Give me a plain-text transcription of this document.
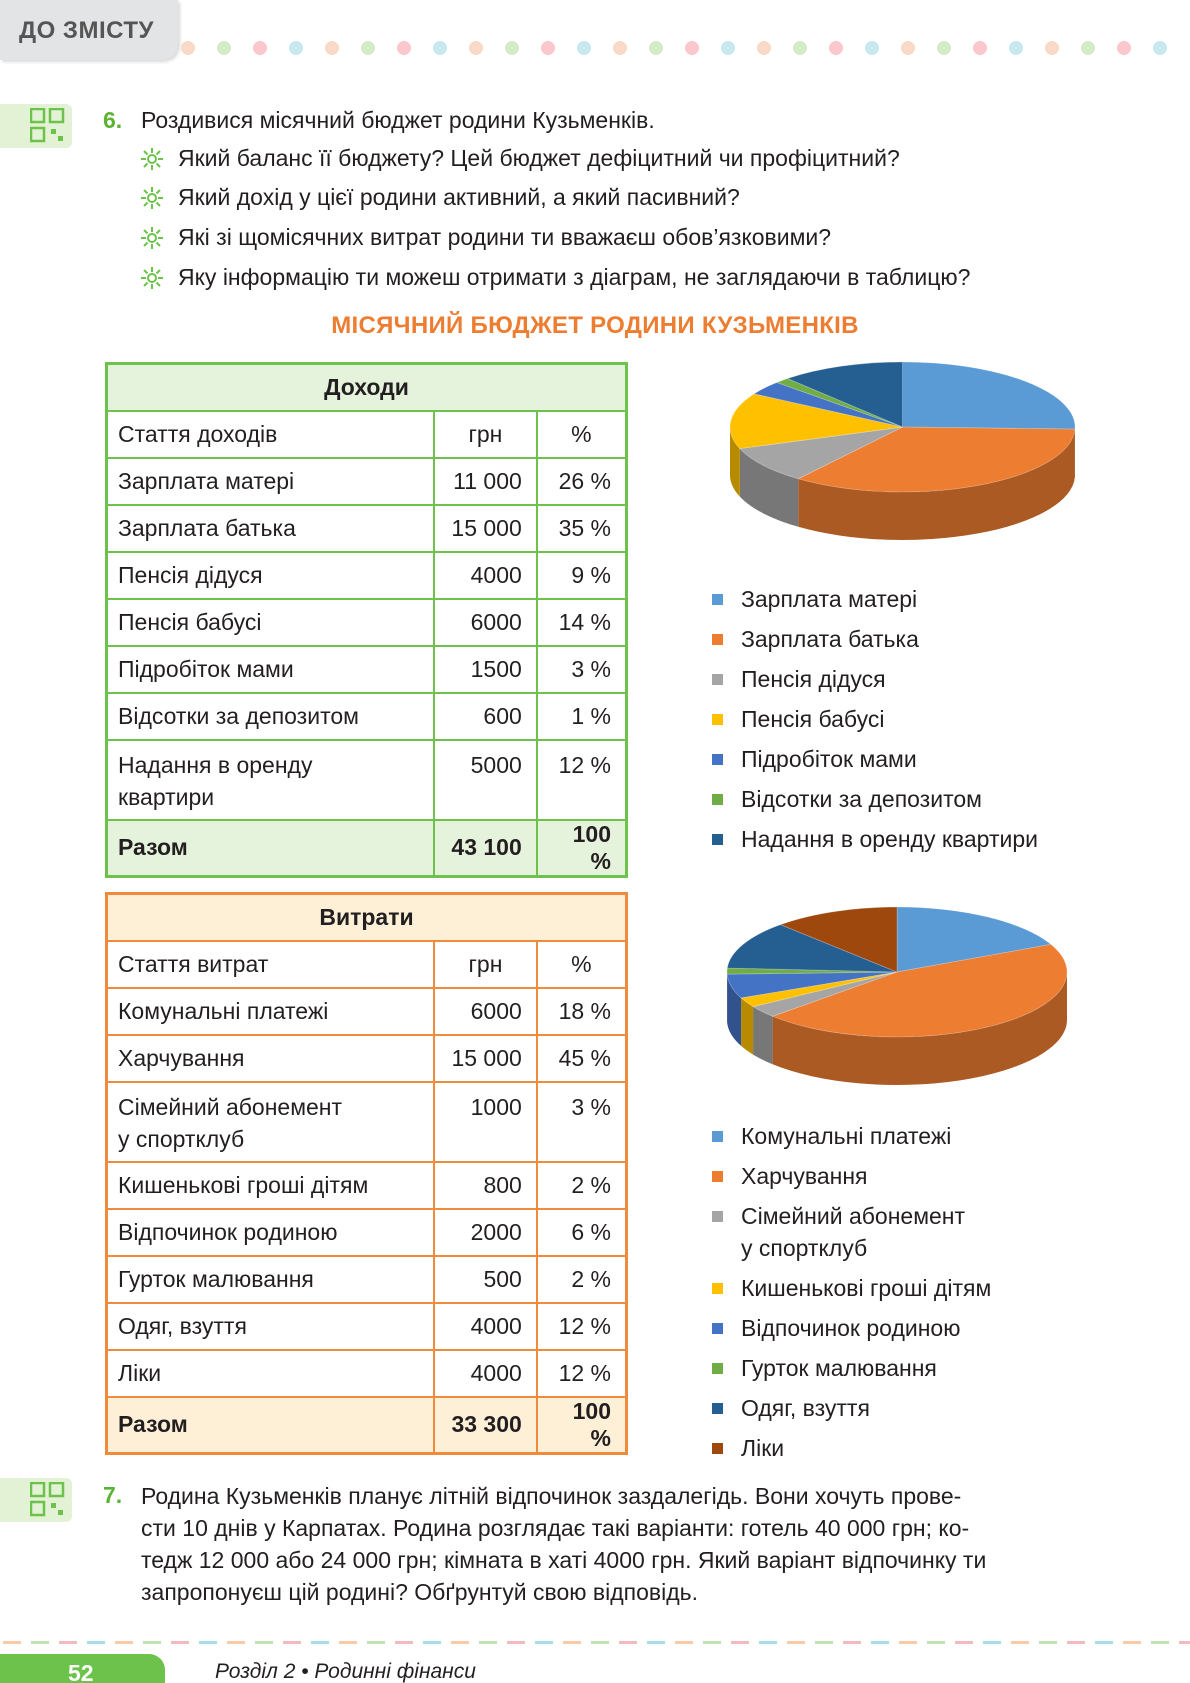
ДО ЗМІСТУ
6. Роздивися місячний бюджет родини Кузьменків.
Який баланс її бюджету? Цей бюджет дефіцитний чи профіцитний?
Який дохід у цієї родини активний, а який пасивний?
Які зі щомісячних витрат родини ти вважаєш обов’язковими?
Яку інформацію ти можеш отримати з діаграм, не заглядаючи в таблицю?
МІСЯЧНИЙ БЮДЖЕТ РОДИНИ КУЗЬМЕНКІВ
Доходи		
Стаття доходів	грн	%
Зарплата матері	11 000	26 %
Зарплата батька	15 000	35 %
Пенсія дідуся	4000	9 %
Пенсія бабусі	6000	14 %
Підробіток мами	1500	3 %
Відсотки за депозитом	600	1 %
Надання в оренду
квартири	5000	12 %
Разом	43 100	100 %
Витрати		
Стаття витрат	грн	%
Комунальні платежі	6000	18 %
Харчування	15 000	45 %
Сімейний абонемент
у спортклуб	1000	3 %
Кишенькові гроші дітям	800	2 %
Відпочинок родиною	2000	6 %
Гурток малювання	500	2 %
Одяг, взуття	4000	12 %
Ліки	4000	12 %
Разом	33 300	100 %
Зарплата матері
Зарплата батька
Пенсія дідуся
Пенсія бабусі
Підробіток мами
Відсотки за депозитом
Надання в оренду квартири
Комунальні платежі
Харчування
Сімейний абонемент
у спортклуб
Кишенькові гроші дітям
Відпочинок родиною
Гурток малювання
Одяг, взуття
Ліки
7. Родина Кузьменків планує літній відпочинок заздалегідь. Вони хочуть прове-
сти 10 днів у Карпатах. Родина розглядає такі варіанти: готель 40 000 грн; ко-
тедж 12 000 або 24 000 грн; кімната в хаті 4000 грн. Який варіант відпочинку ти
запропонуєш цій родині? Обґрунтуй свою відповідь.
52	Розділ 2 • Родинні фінанси
